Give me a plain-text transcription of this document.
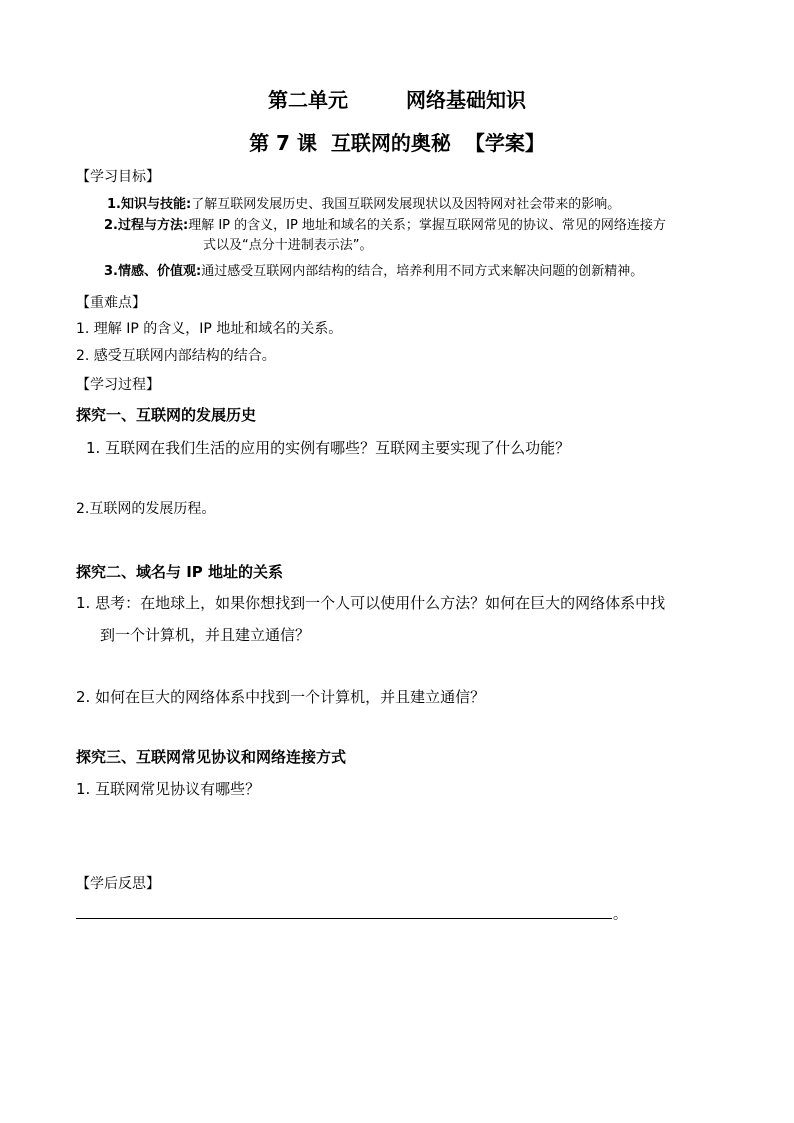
第二单元	网络基础知识
第 7 课 互联网的奥秘 【学案】
【学习目标】
1.知识与技能:了解互联网发展历史、我国互联网发展现状以及因特网对社会带来的影响。
2.过程与方法:理解 IP 的含义，IP 地址和域名的关系；掌握互联网常见的协议、常见的网络连接方
式以及“点分十进制表示法”。
3.情感、价值观:通过感受互联网内部结构的结合，培养利用不同方式来解决问题的创新精神。
【重难点】
1. 理解 IP 的含义，IP 地址和域名的关系。
2. 感受互联网内部结构的结合。
【学习过程】
探究一、互联网的发展历史
1. 互联网在我们生活的应用的实例有哪些？互联网主要实现了什么功能？
2.互联网的发展历程。
探究二、域名与 IP 地址的关系
1. 思考：在地球上，如果你想找到一个人可以使用什么方法？如何在巨大的网络体系中找
到一个计算机，并且建立通信？
2. 如何在巨大的网络体系中找到一个计算机，并且建立通信？
探究三、互联网常见协议和网络连接方式
1. 互联网常见协议有哪些？
【学后反思】
。
